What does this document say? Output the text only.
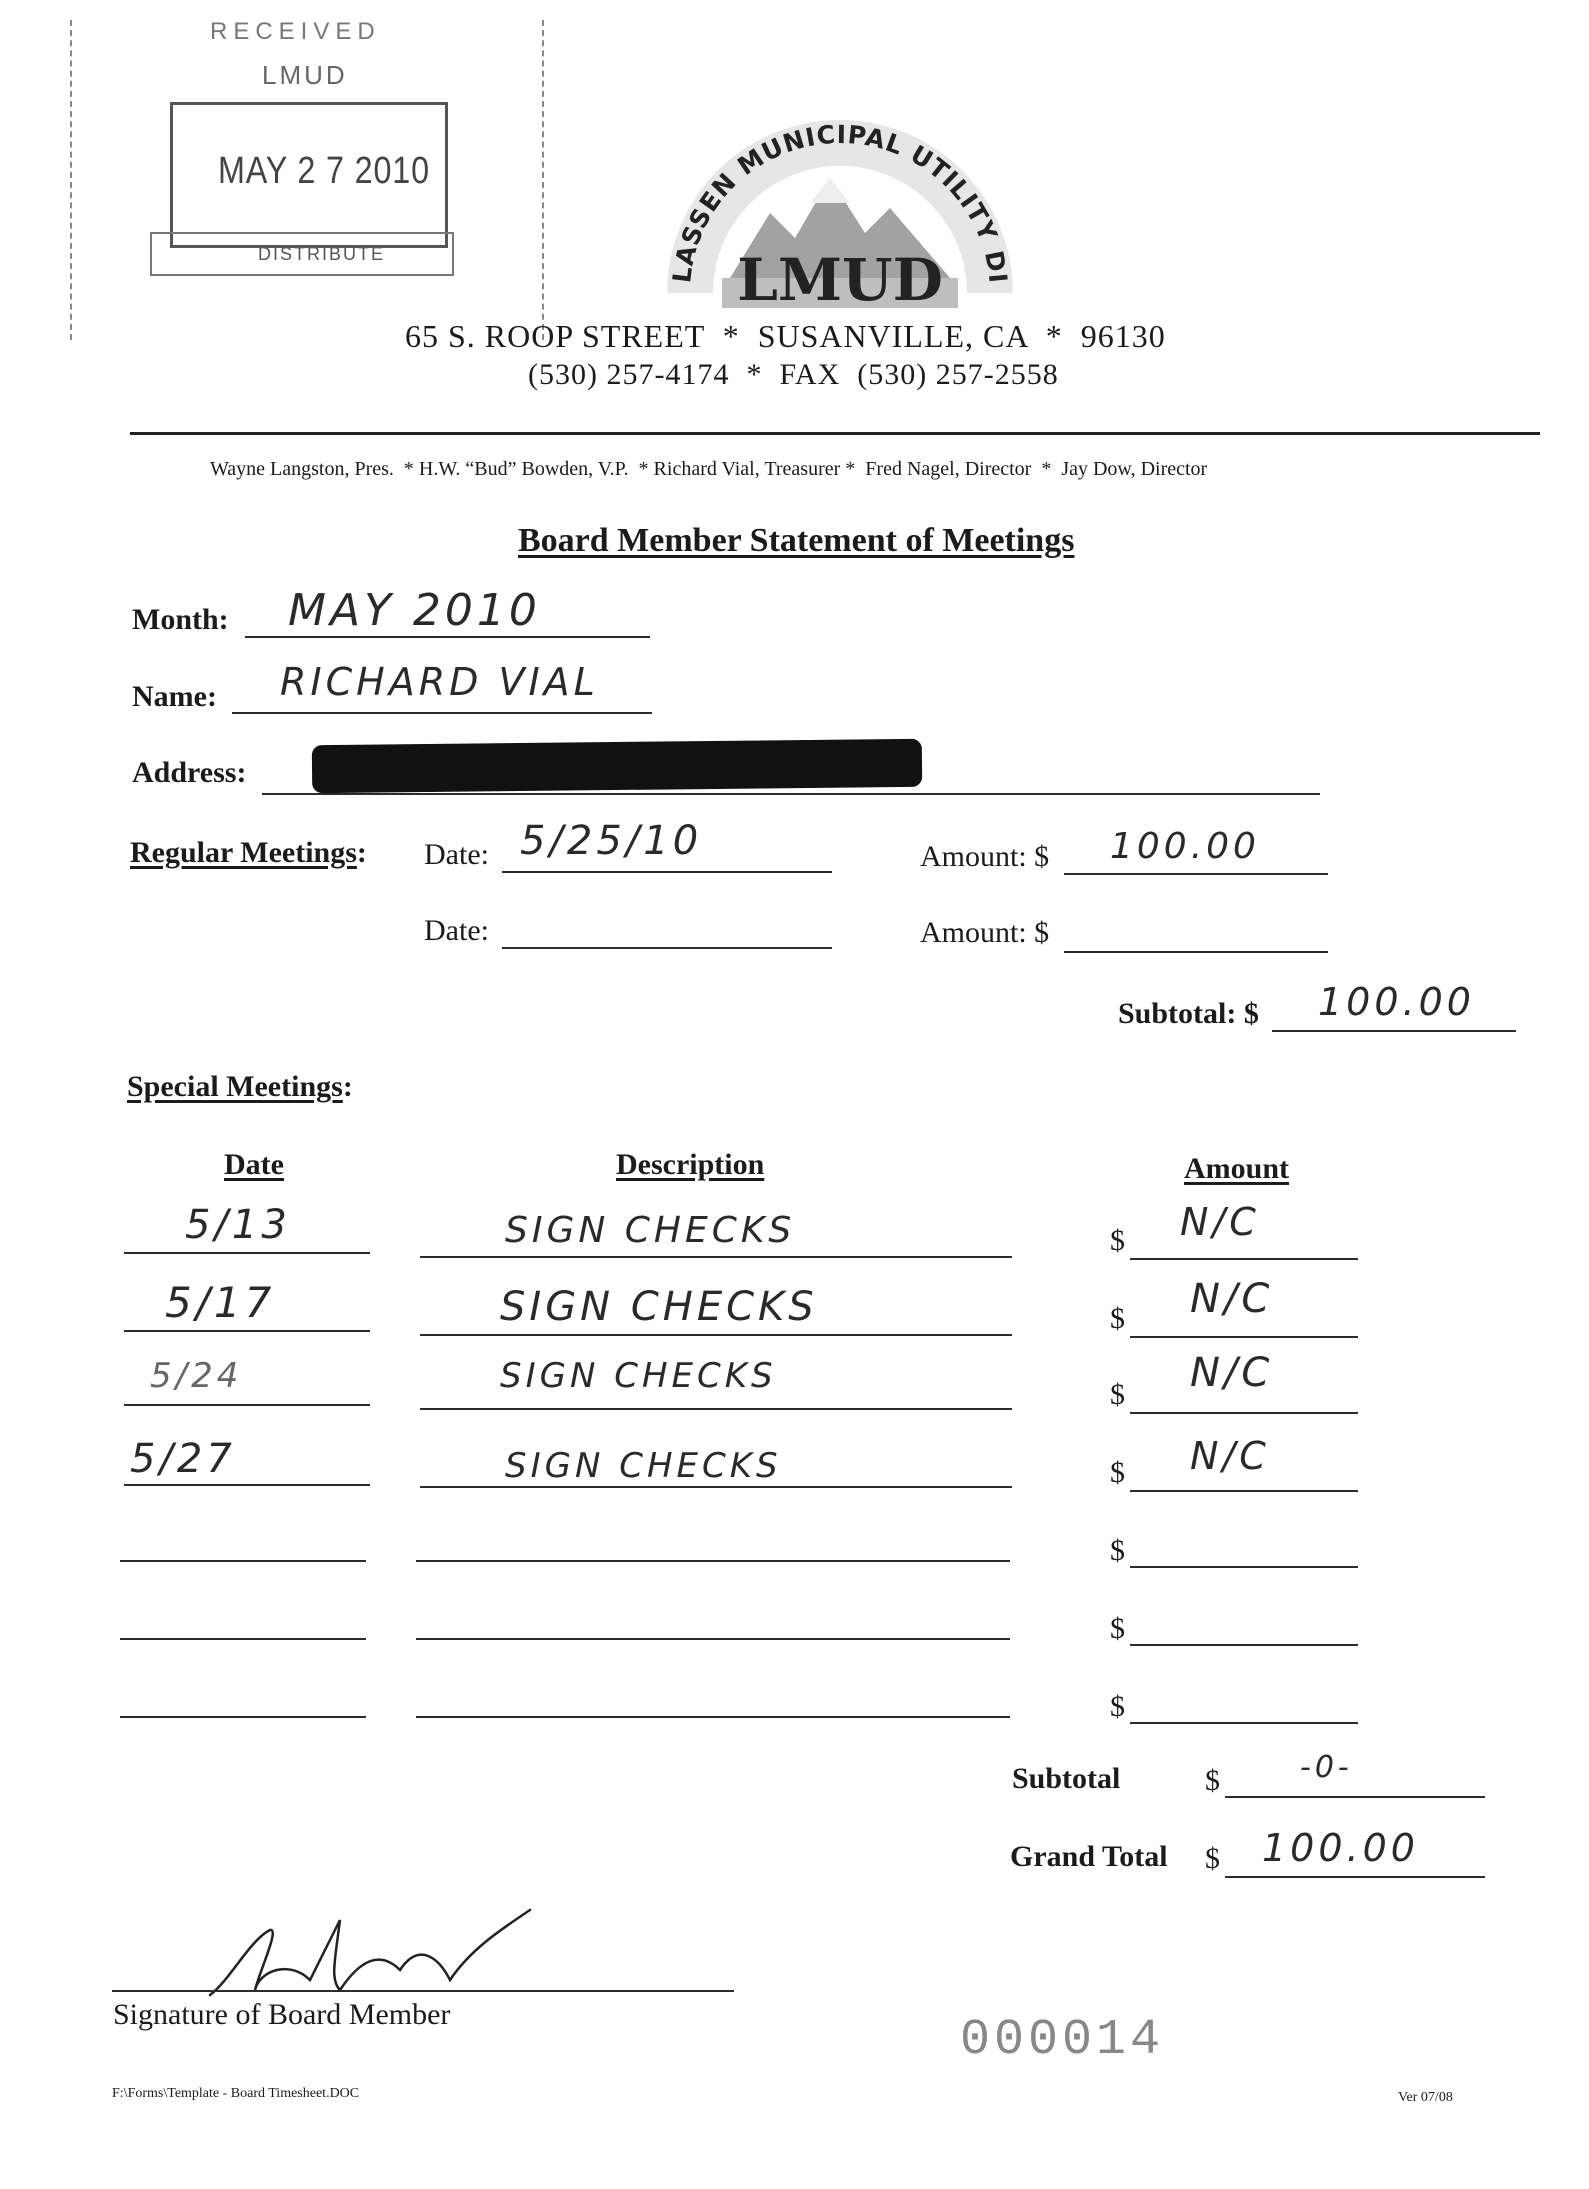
RECEIVED
LMUD
MAY 2 7 2010
DISTRIBUTE
LASSEN MUNICIPAL UTILITY DI
LMUD
65 S. ROOP STREET  *  SUSANVILLE, CA  *  96130
(530) 257-4174  *  FAX  (530) 257-2558
Wayne Langston, Pres.  * H.W. “Bud” Bowden, V.P.  * Richard Vial, Treasurer *  Fred Nagel, Director  *  Jay Dow, Director
Board Member Statement of Meetings
Month: MAY 2010
Name: RICHARD VIAL
Address:
Regular Meetings: Date: 5/25/10	Amount: $ 100.00
Date:	Amount: $
Subtotal: $ 100.00
Special Meetings:
Date	Description	Amount
5/13	SIGN CHECKS	$ N/C
5/17	SIGN CHECKS	$ N/C
5/24	SIGN CHECKS	$ N/C
5/27	SIGN CHECKS	$ N/C
$
$
$
Subtotal	$	-0-
Grand Total $ 100.00
Signature of Board Member	000014
F:\Forms\Template - Board Timesheet.DOC	Ver 07/08
